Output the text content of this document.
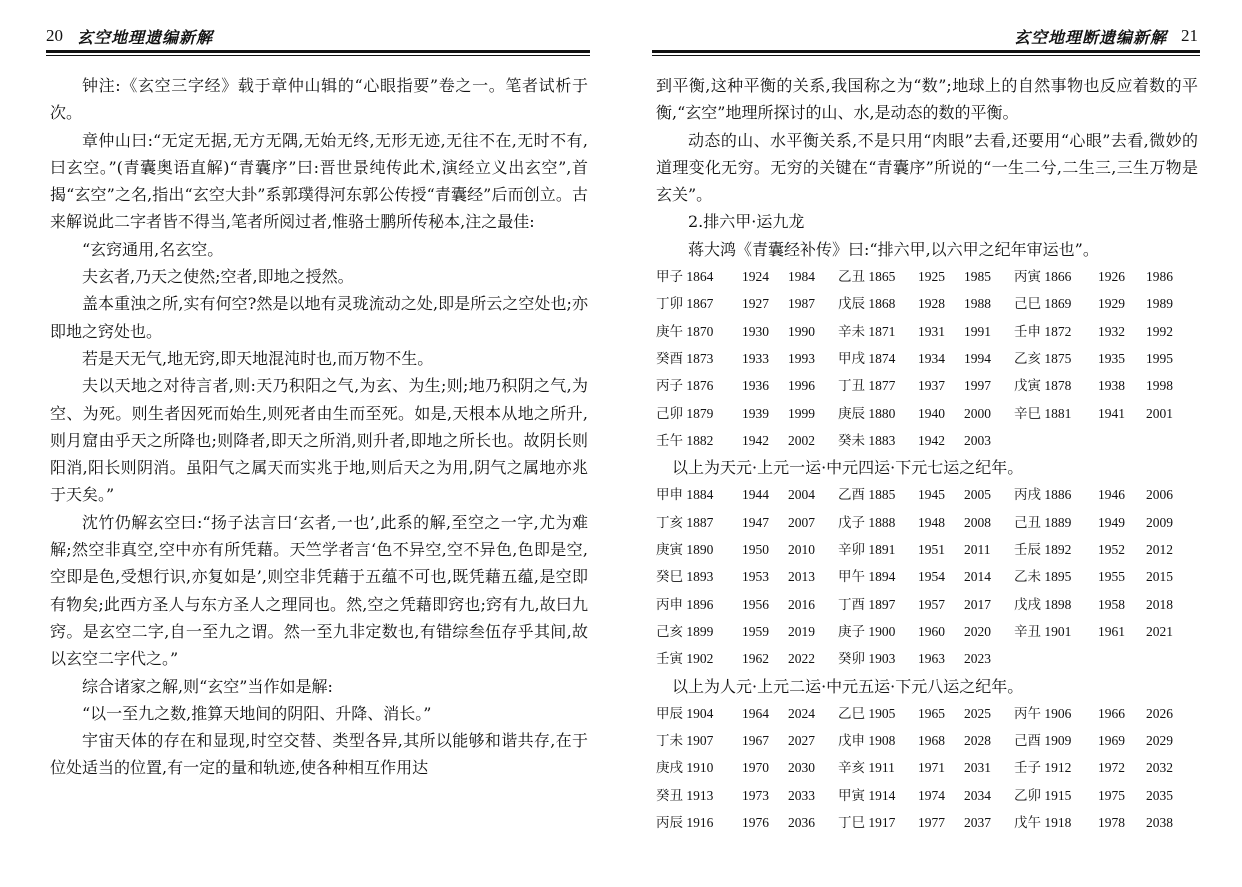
20 玄空地理遗编新解

钟注:《玄空三字经》载于章仲山辑的“心眼指要”卷之一。笔者试析于次。

章仲山曰:“无定无据,无方无隅,无始无终,无形无迹,无往不在,无时不有,曰玄空。”(青囊奥语直解)“青囊序”曰:晋世景纯传此术,演经立义出玄空”,首揭“玄空”之名,指出“玄空大卦”系郭璞得河东郭公传授“青囊经”后而创立。古来解说此二字者皆不得当,笔者所阅过者,惟骆士鹏所传秘本,注之最佳:

“玄窍通用,名玄空。

夫玄者,乃天之使然;空者,即地之授然。

盖本重浊之所,实有何空?然是以地有灵珑流动之处,即是所云之空处也;亦即地之窍处也。

若是天无气,地无窍,即天地混沌时也,而万物不生。

夫以天地之对待言者,则:天乃积阳之气,为玄、为生;则;地乃积阴之气,为空、为死。则生者因死而始生,则死者由生而至死。如是,天根本从地之所升,则月窟由乎天之所降也;则降者,即天之所消,则升者,即地之所长也。故阴长则阳消,阳长则阴消。虽阳气之属天而实兆于地,则后天之为用,阴气之属地亦兆于天矣。”

沈竹仍解玄空曰:“扬子法言曰‘玄者,一也’,此系的解,至空之一字,尤为难解;然空非真空,空中亦有所凭藉。天竺学者言‘色不异空,空不异色,色即是空,空即是色,受想行识,亦复如是’,则空非凭藉于五蕴不可也,既凭藉五蕴,是空即有物矣;此西方圣人与东方圣人之理同也。然,空之凭藉即窍也;窍有九,故曰九窍。是玄空二字,自一至九之谓。然一至九非定数也,有错综叁伍存乎其间,故以玄空二字代之。”

综合诸家之解,则“玄空”当作如是解:

“以一至九之数,推算天地间的阴阳、升降、消长。”

宇宙天体的存在和显现,时空交替、类型各异,其所以能够和谐共存,在于位处适当的位置,有一定的量和轨迹,使各种相互作用达

玄空地理断遗编新解 21

到平衡,这种平衡的关系,我国称之为“数”;地球上的自然事物也反应着数的平衡,“玄空”地理所探讨的山、水,是动态的数的平衡。

动态的山、水平衡关系,不是只用“肉眼”去看,还要用“心眼”去看,微妙的道理变化无穷。无穷的关键在“青囊序”所说的“一生二兮,二生三,三生万物是玄关”。

2.排六甲·运九龙

蒋大鸿《青囊经补传》曰:“排六甲,以六甲之纪年审运也”。

甲子 1864	1924	1984	乙丑 1865	1925	1985	丙寅 1866	1926	1986
丁卯 1867	1927	1987	戊辰 1868	1928	1988	己巳 1869	1929	1989
庚午 1870	1930	1990	辛未 1871	1931	1991	壬申 1872	1932	1992
癸酉 1873	1933	1993	甲戌 1874	1934	1994	乙亥 1875	1935	1995
丙子 1876	1936	1996	丁丑 1877	1937	1997	戊寅 1878	1938	1998
己卯 1879	1939	1999	庚辰 1880	1940	2000	辛巳 1881	1941	2001
壬午 1882	1942	2002	癸未 1883	1942	2003			

以上为天元·上元一运·中元四运·下元七运之纪年。

甲申 1884	1944	2004	乙酉 1885	1945	2005	丙戌 1886	1946	2006
丁亥 1887	1947	2007	戊子 1888	1948	2008	己丑 1889	1949	2009
庚寅 1890	1950	2010	辛卯 1891	1951	2011	壬辰 1892	1952	2012
癸巳 1893	1953	2013	甲午 1894	1954	2014	乙未 1895	1955	2015
丙申 1896	1956	2016	丁酉 1897	1957	2017	戊戌 1898	1958	2018
己亥 1899	1959	2019	庚子 1900	1960	2020	辛丑 1901	1961	2021
壬寅 1902	1962	2022	癸卯 1903	1963	2023			

以上为人元·上元二运·中元五运·下元八运之纪年。

甲辰 1904	1964	2024	乙巳 1905	1965	2025	丙午 1906	1966	2026
丁未 1907	1967	2027	戊申 1908	1968	2028	己酉 1909	1969	2029
庚戌 1910	1970	2030	辛亥 1911	1971	2031	壬子 1912	1972	2032
癸丑 1913	1973	2033	甲寅 1914	1974	2034	乙卯 1915	1975	2035
丙辰 1916	1976	2036	丁巳 1917	1977	2037	戊午 1918	1978	2038
